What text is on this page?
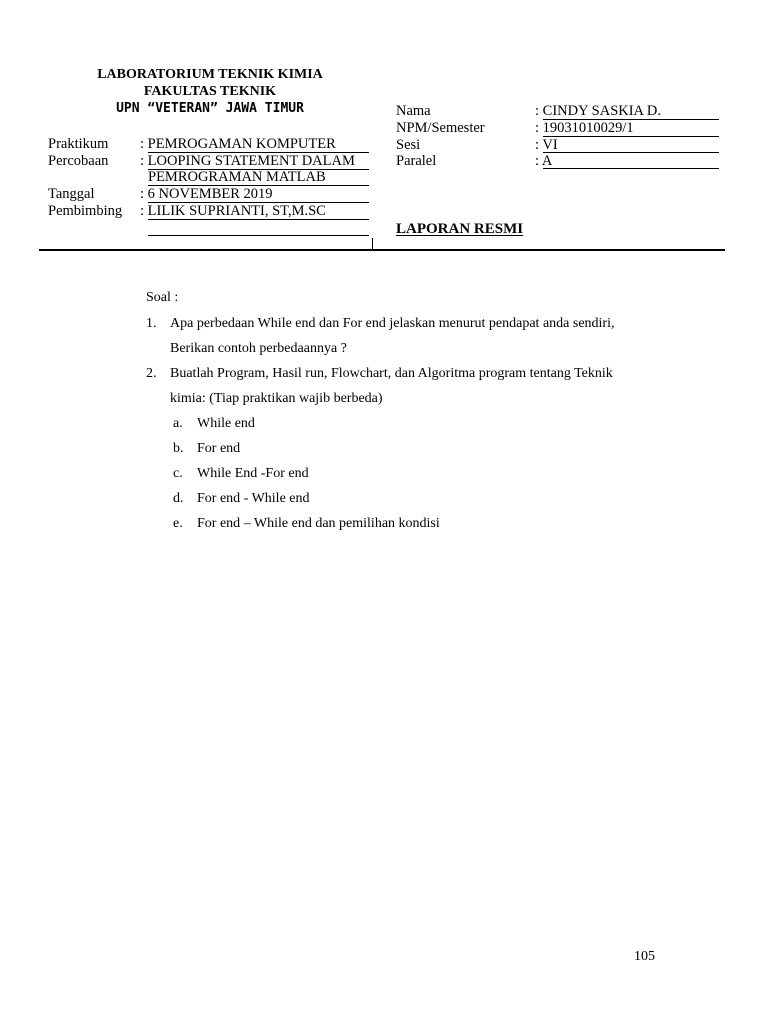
LABORATORIUM TEKNIK KIMIA
FAKULTAS TEKNIK
UPN “VETERAN” JAWA TIMUR
Praktikum : PEMROGAMAN KOMPUTER
Percobaan : LOOPING STATEMENT DALAM
PEMROGRAMAN MATLAB
Tanggal	: 6 NOVEMBER 2019
Pembimbing : LILIK SUPRIANTI, ST,M.SC
Nama	: CINDY SASKIA D.
NPM/Semester	: 19031010029/1
Sesi	: VI
Paralel	: A
LAPORAN RESMI
Soal :
1. Apa perbedaan While end dan For end jelaskan menurut pendapat anda sendiri,
Berikan contoh perbedaannya ?
2. Buatlah Program, Hasil run, Flowchart, dan Algoritma program tentang Teknik
kimia: (Tiap praktikan wajib berbeda)
a. While end
b. For end
c. While End -For end
d. For end - While end
e. For end – While end dan pemilihan kondisi
105
